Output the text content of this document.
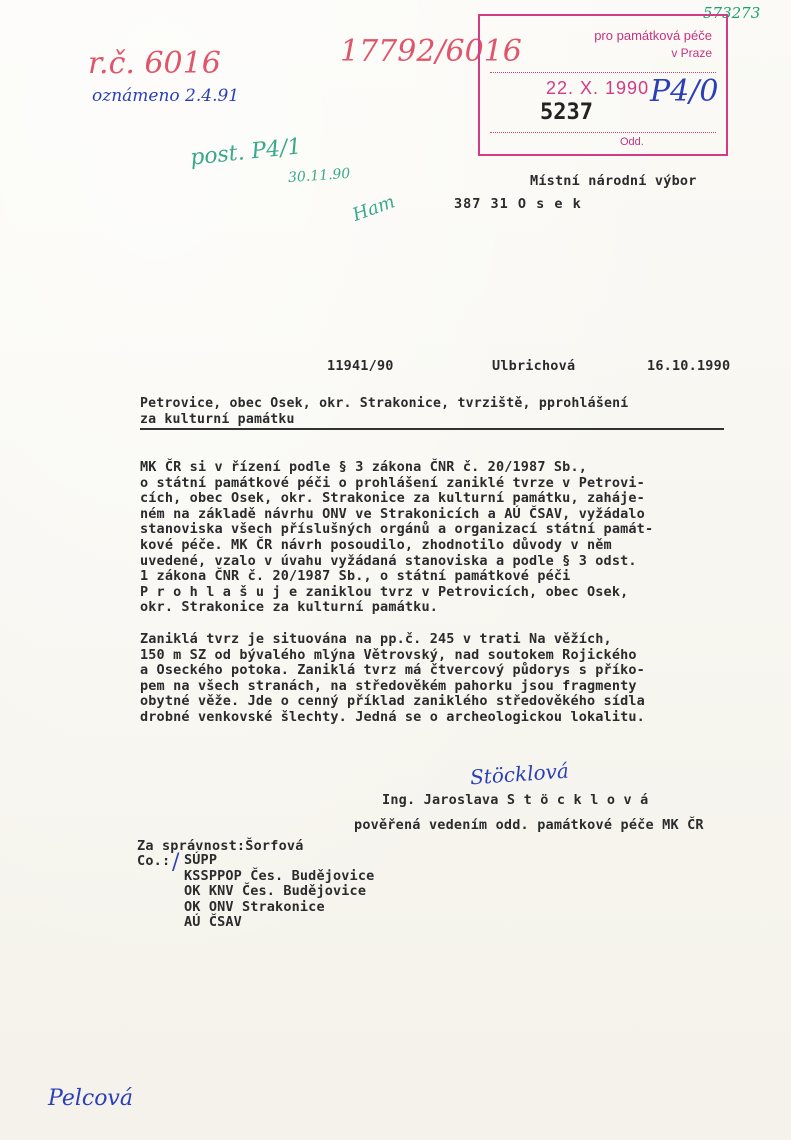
573273
r.č. 6016	17792/6016
oznámeno 2.4.91
post. P4/1
30.11.90
Ham
pro památková péče
v Praze
22. X. 1990 P4/0
5237
Odd.
Místní národní výbor
387 31 O s e k
11941/90	Ulbrichová	16.10.1990
Petrovice, obec Osek, okr. Strakonice, tvrziště, pprohlášení
za kulturní památku
MK ČR si v řízení podle § 3 zákona ČNR č. 20/1987 Sb.,
o státní památkové péči o prohlášení zaniklé tvrze v Petrovi-
cích, obec Osek, okr. Strakonice za kulturní památku, zaháje-
ném na základě návrhu ONV ve Strakonicích a AÚ ČSAV, vyžádalo
stanoviska všech příslušných orgánů a organizací státní památ-
kové péče. MK ČR návrh posoudilo, zhodnotilo důvody v něm
uvedené, vzalo v úvahu vyžádaná stanoviska a podle § 3 odst.
1 zákona ČNR č. 20/1987 Sb., o státní památkové péči
P r o h l a š u j e zaniklou tvrz v Petrovicích, obec Osek,
okr. Strakonice za kulturní památku.
Zaniklá tvrz je situována na pp.č. 245 v trati Na věžích,
150 m SZ od bývalého mlýna Větrovský, nad soutokem Rojického
a Oseckého potoka. Zaniklá tvrz má čtvercový půdorys s příko-
pem na všech stranách, na středověkém pahorku jsou fragmenty
obytné věže. Jde o cenný příklad zaniklého středověkého sídla
drobné venkovské šlechty. Jedná se o archeologickou lokalitu.
Stöcklová
Ing. Jaroslava S t ö c k l o v á
pověřená vedením odd. památkové péče MK ČR
Za správnost:Šorfová
Co.: / SÚPP
KSSPPOP Čes. Budějovice
OK KNV Čes. Budějovice
OK ONV Strakonice
AÚ ČSAV
Pelcová
